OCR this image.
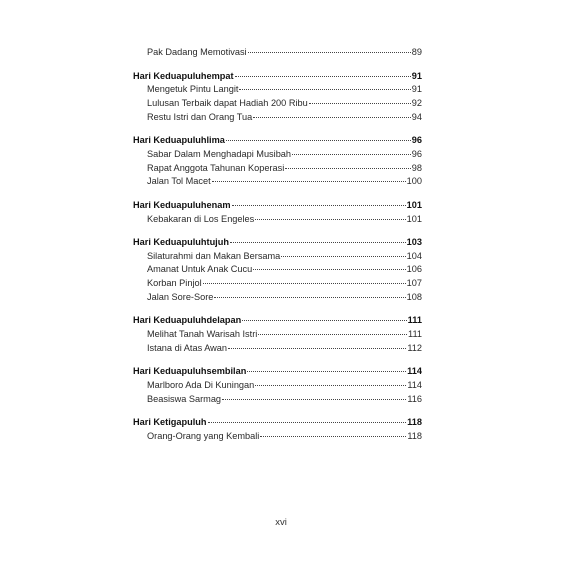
Pak Dadang Memotivasi	89
Hari Keduapuluhempat	91
Mengetuk Pintu Langit	91
Lulusan Terbaik dapat Hadiah 200 Ribu	92
Restu Istri dan Orang Tua	94
Hari Keduapuluhlima	96
Sabar Dalam Menghadapi Musibah	96
Rapat Anggota Tahunan Koperasi	98
Jalan Tol Macet	100
Hari Keduapuluhenam	101
Kebakaran di Los Engeles	101
Hari Keduapuluhtujuh	103
Silaturahmi dan Makan Bersama	104
Amanat Untuk Anak Cucu	106
Korban Pinjol	107
Jalan Sore-Sore	108
Hari Keduapuluhdelapan	111
Melihat Tanah Warisah Istri	111
Istana di Atas Awan	112
Hari Keduapuluhsembilan	114
Marlboro Ada Di Kuningan	114
Beasiswa Sarmag	116
Hari Ketigapuluh	118
Orang-Orang yang Kembali	118
xvi
